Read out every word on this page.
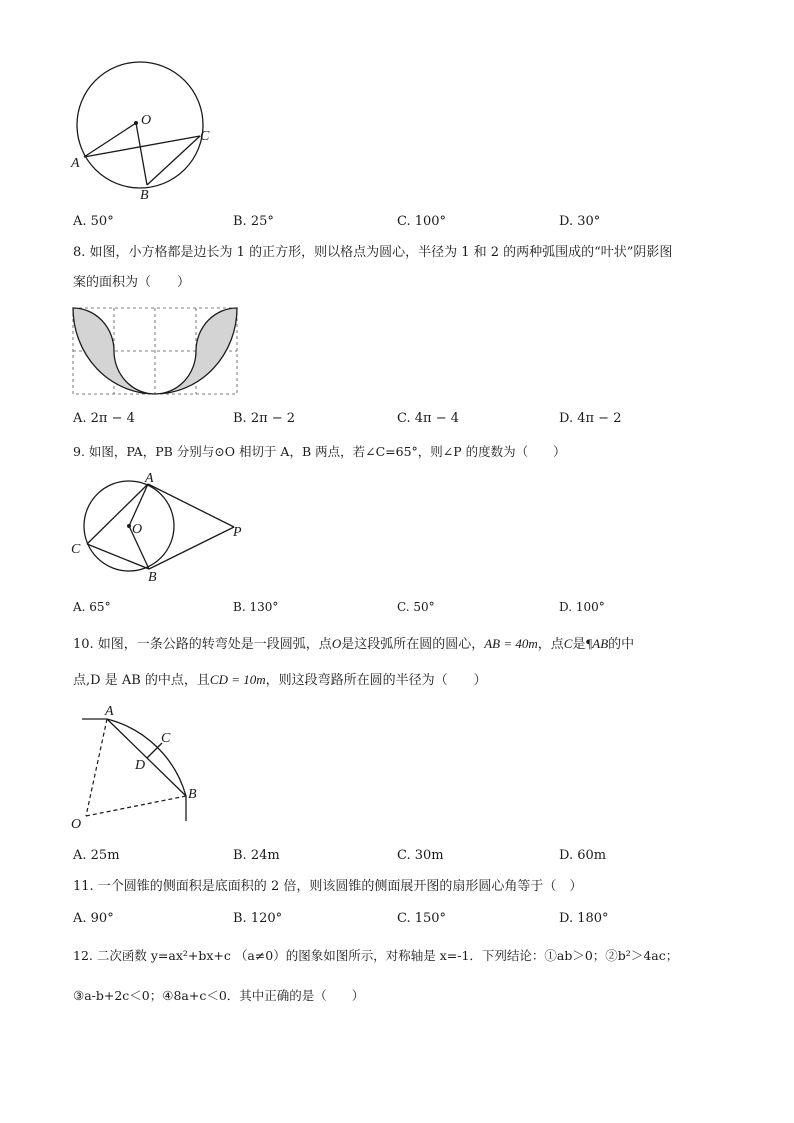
O
A
B
C
A. 50°	B. 25°	C. 100°	D. 30°
8. 如图，小方格都是边长为 1 的正方形，则以格点为圆心，半径为 1 和 2 的两种弧围成的“叶状”阴影图
案的面积为（　　）
A. 2π − 4	B. 2π − 2	C. 4π − 4	D. 4π − 2
9. 如图，PA，PB 分别与⊙O 相切于 A，B 两点，若∠C=65°，则∠P 的度数为（　　）
A
O
C
B
P
A. 65°	B. 130°	C. 50°	D. 100°
10. 如图，一条公路的转弯处是一段圆弧，点O是这段弧所在圆的圆心，AB = 40m，点C是¶AB的中
点,D 是 AB 的中点，且CD = 10m，则这段弯路所在圆的半径为（　　）
A
C
D
B
O
A. 25m	B. 24m	C. 30m	D. 60m
11. 一个圆锥的侧面积是底面积的 2 倍，则该圆锥的侧面展开图的扇形圆心角等于（　）
A. 90°	B. 120°	C. 150°	D. 180°
12. 二次函数 y=ax²+bx+c （a≠0）的图象如图所示，对称轴是 x=-1．下列结论：①ab＞0；②b²＞4ac；
③a-b+2c＜0；④8a+c＜0．其中正确的是（　　）
